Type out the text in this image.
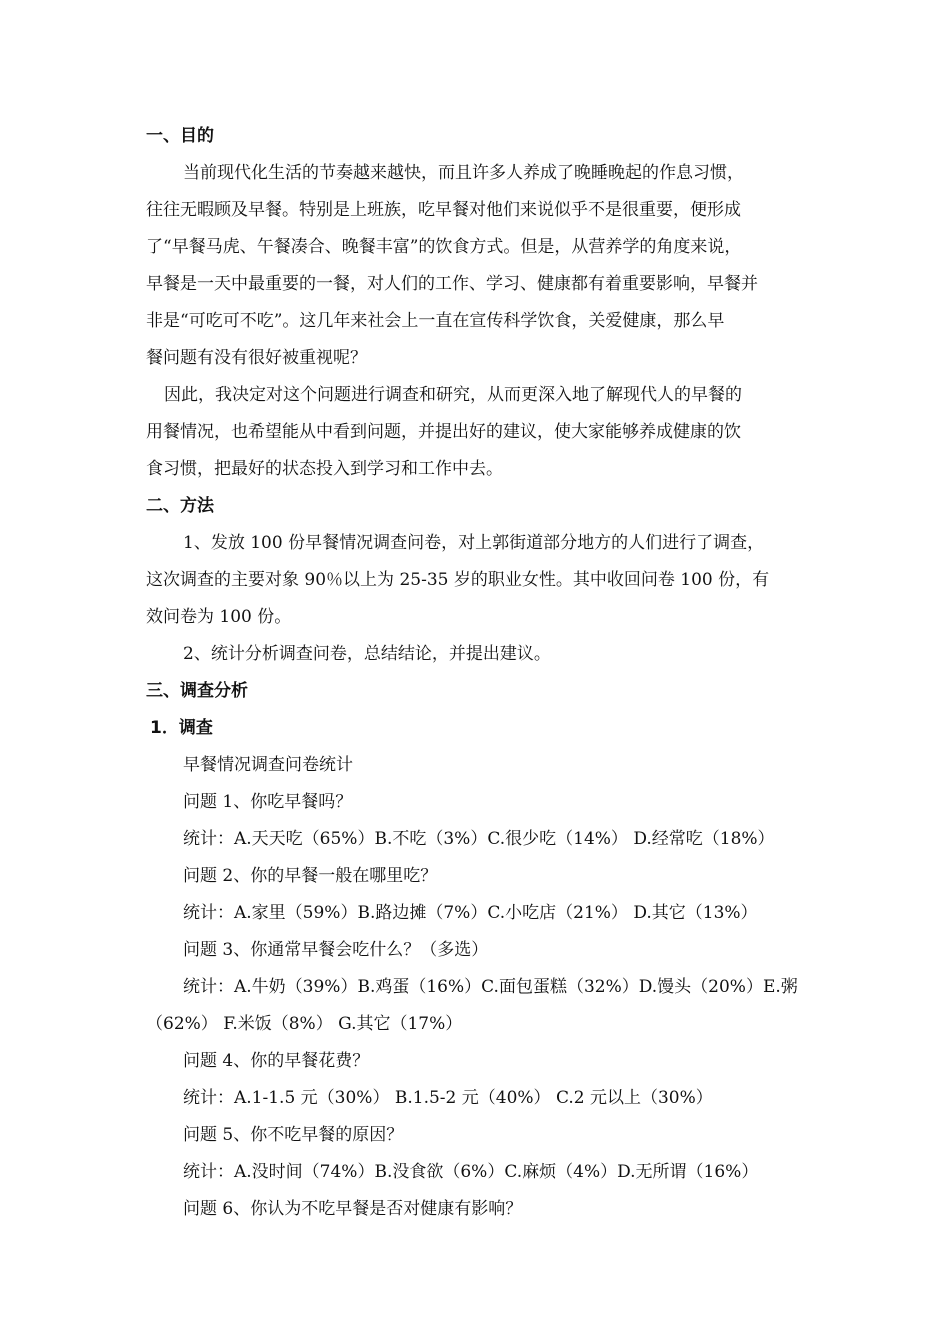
一、目的
当前现代化生活的节奏越来越快，而且许多人养成了晚睡晚起的作息习惯，
往往无暇顾及早餐。特别是上班族，吃早餐对他们来说似乎不是很重要，便形成
了“早餐马虎、午餐凑合、晚餐丰富”的饮食方式。但是，从营养学的角度来说，
早餐是一天中最重要的一餐，对人们的工作、学习、健康都有着重要影响，早餐并
非是“可吃可不吃”。这几年来社会上一直在宣传科学饮食，关爱健康，那么早
餐问题有没有很好被重视呢？
因此，我决定对这个问题进行调查和研究，从而更深入地了解现代人的早餐的
用餐情况，也希望能从中看到问题，并提出好的建议，使大家能够养成健康的饮
食习惯，把最好的状态投入到学习和工作中去。
二、方法
1、发放 100 份早餐情况调查问卷，对上郭街道部分地方的人们进行了调查，
这次调查的主要对象 90％以上为 25-35 岁的职业女性。其中收回问卷 100 份，有
效问卷为 100 份。
2、统计分析调查问卷，总结结论，并提出建议。
三、调查分析
1．调查
早餐情况调查问卷统计
问题 1、你吃早餐吗？
统计：A.天天吃（65%）B.不吃（3%）C.很少吃（14%） D.经常吃（18%）
问题 2、你的早餐一般在哪里吃？
统计：A.家里（59%）B.路边摊（7%）C.小吃店（21%） D.其它（13%）
问题 3、你通常早餐会吃什么？（多选）
统计：A.牛奶（39%）B.鸡蛋（16%）C.面包蛋糕（32%）D.馒头（20%）E.粥
（62%） F.米饭（8%） G.其它（17%）
问题 4、你的早餐花费？
统计：A.1-1.5 元（30%） B.1.5-2 元（40%） C.2 元以上（30%）
问题 5、你不吃早餐的原因？
统计：A.没时间（74%）B.没食欲（6%）C.麻烦（4%）D.无所谓（16%）
问题 6、你认为不吃早餐是否对健康有影响？
